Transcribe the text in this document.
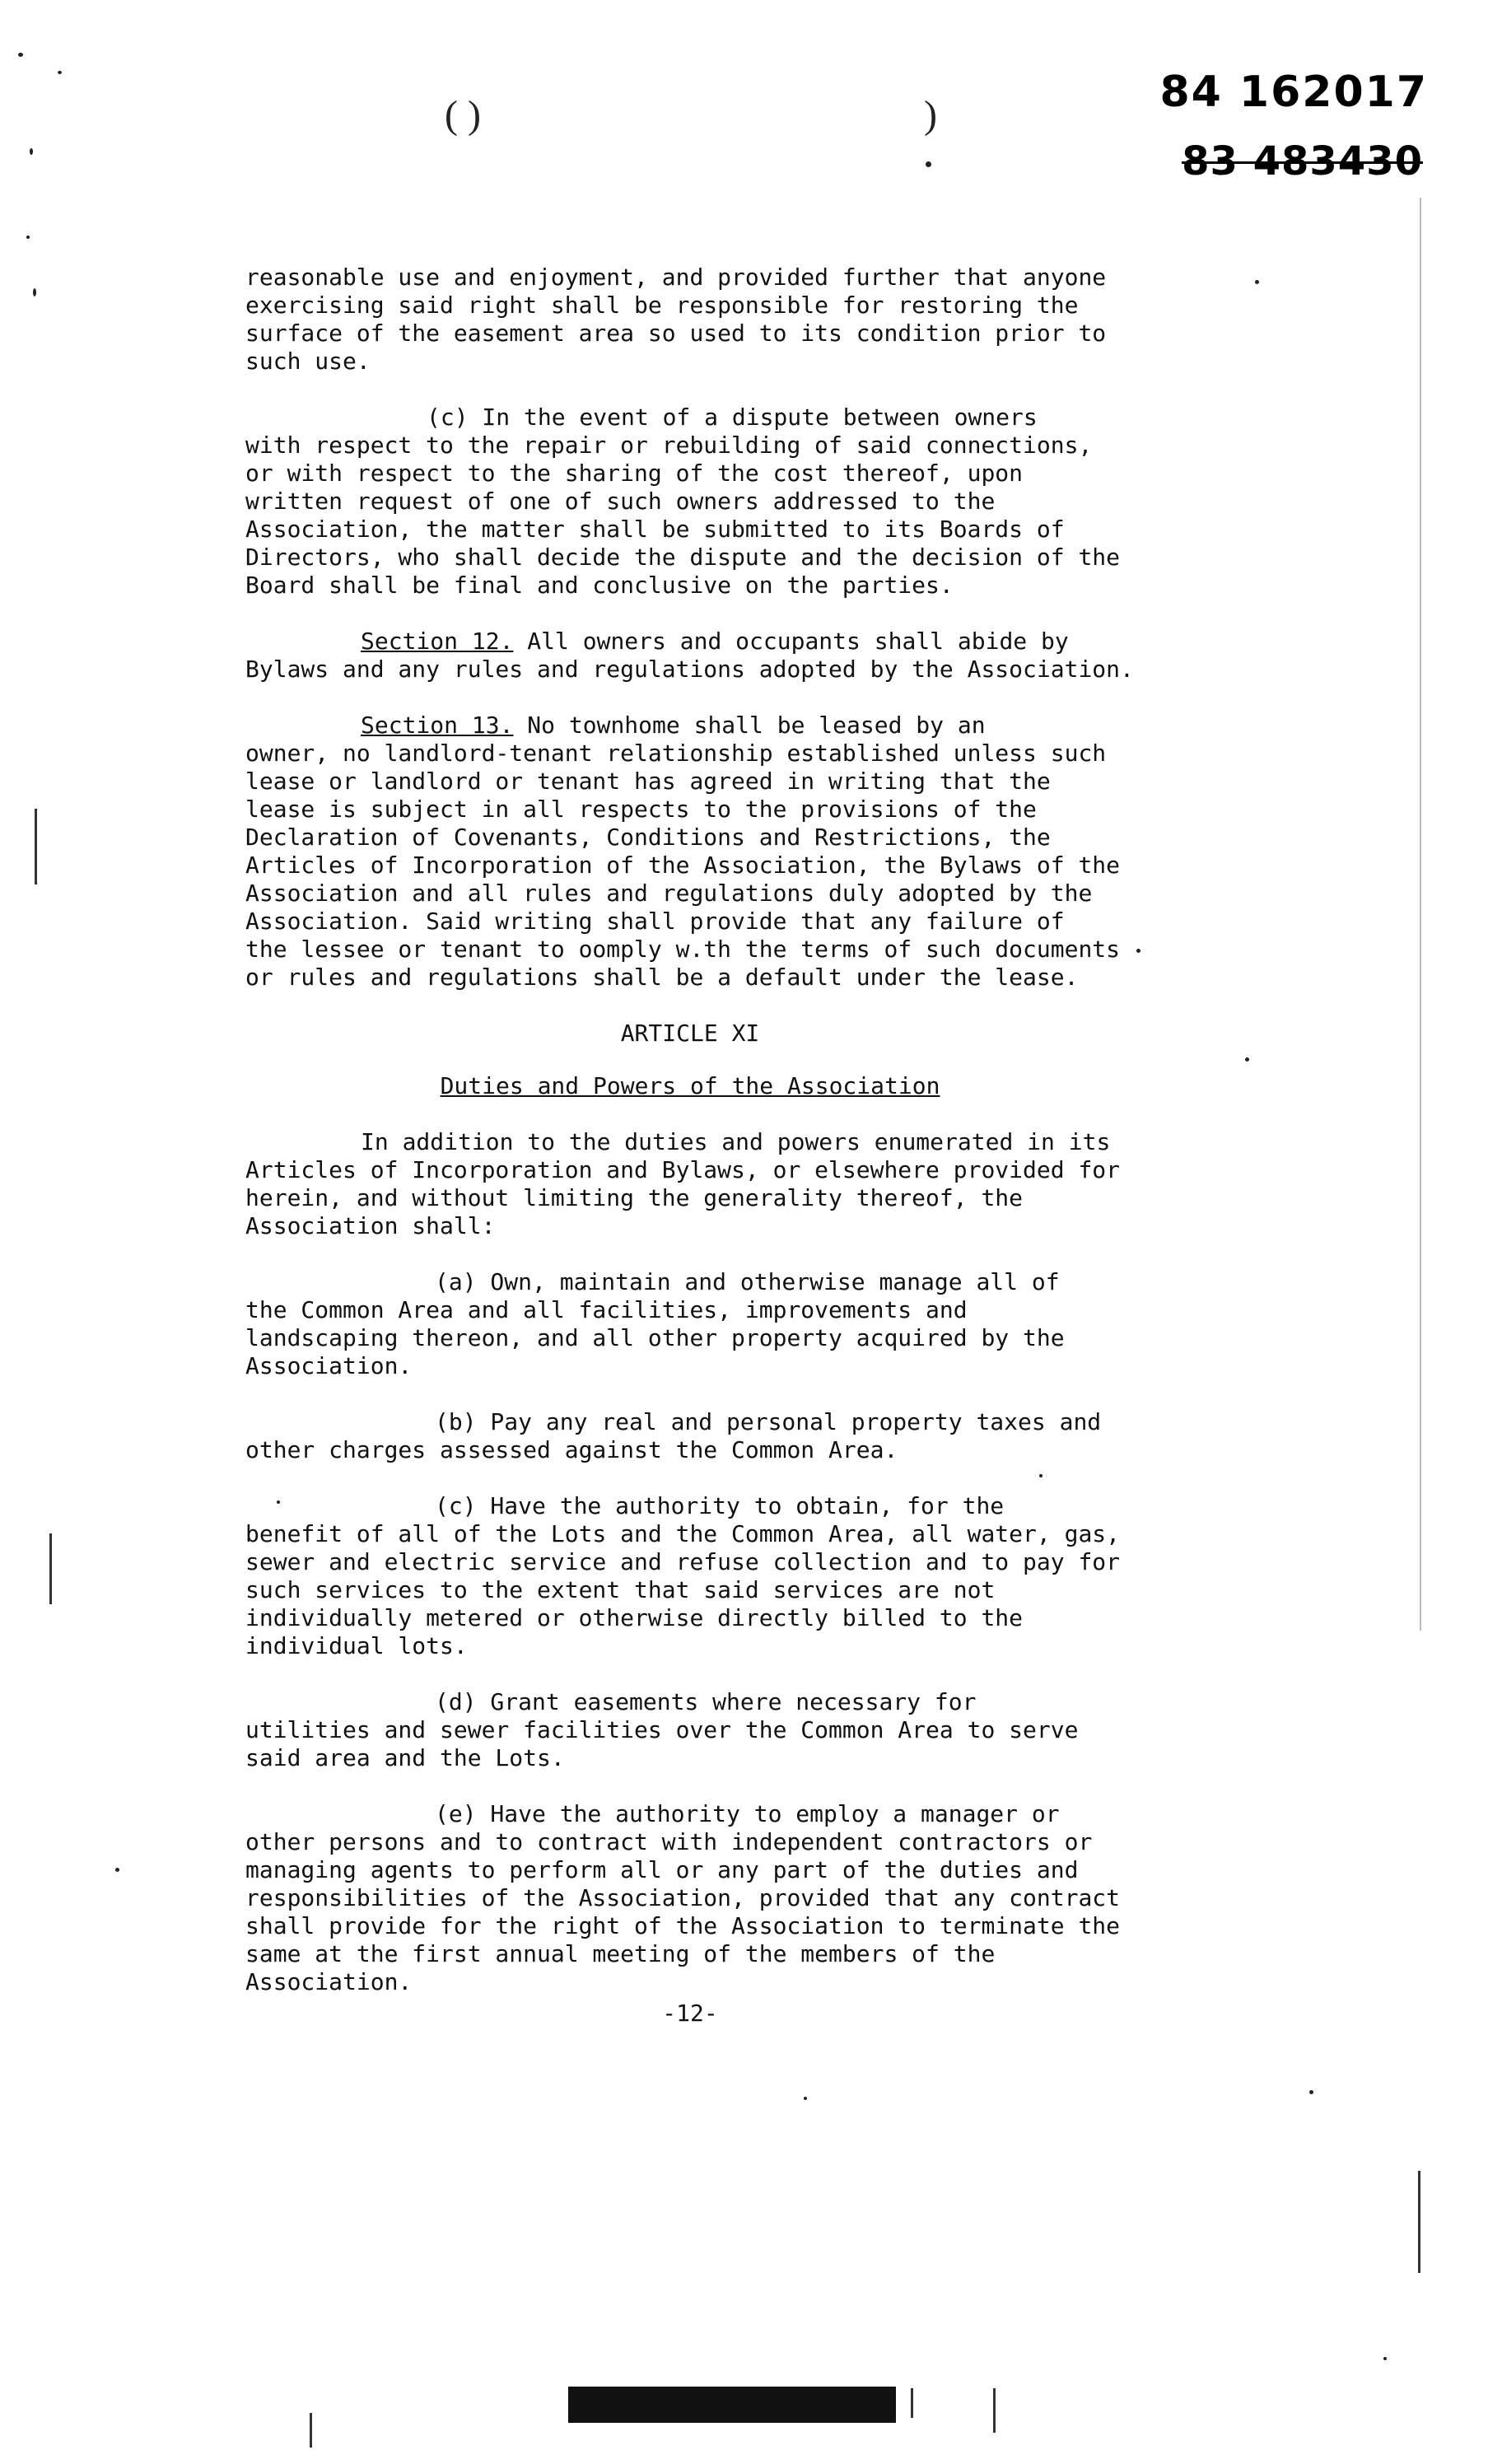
( )	)	84 162017
83 483430

reasonable use and enjoyment, and provided further that anyone
exercising said right shall be responsible for restoring the
surface of the easement area so used to its condition prior to
such use.

(c) In the event of a dispute between owners
with respect to the repair or rebuilding of said connections,
or with respect to the sharing of the cost thereof, upon
written request of one of such owners addressed to the
Association, the matter shall be submitted to its Boards of
Directors, who shall decide the dispute and the decision of the
Board shall be final and conclusive on the parties.

Section 12. All owners and occupants shall abide by
Bylaws and any rules and regulations adopted by the Association.

Section 13. No townhome shall be leased by an
owner, no landlord-tenant relationship established unless such
lease or landlord or tenant has agreed in writing that the
lease is subject in all respects to the provisions of the
Declaration of Covenants, Conditions and Restrictions, the
Articles of Incorporation of the Association, the Bylaws of the
Association and all rules and regulations duly adopted by the
Association. Said writing shall provide that any failure of
the lessee or tenant to oomply w.th the terms of such documents
or rules and regulations shall be a default under the lease.

ARTICLE XI

Duties and Powers of the Association

In addition to the duties and powers enumerated in its
Articles of Incorporation and Bylaws, or elsewhere provided for
herein, and without limiting the generality thereof, the
Association shall:

(a) Own, maintain and otherwise manage all of
the Common Area and all facilities, improvements and
landscaping thereon, and all other property acquired by the
Association.

(b) Pay any real and personal property taxes and
other charges assessed against the Common Area.

(c) Have the authority to obtain, for the
benefit of all of the Lots and the Common Area, all water, gas,
sewer and electric service and refuse collection and to pay for
such services to the extent that said services are not
individually metered or otherwise directly billed to the
individual lots.

(d) Grant easements where necessary for
utilities and sewer facilities over the Common Area to serve
said area and the Lots.

(e) Have the authority to employ a manager or
other persons and to contract with independent contractors or
managing agents to perform all or any part of the duties and
responsibilities of the Association, provided that any contract
shall provide for the right of the Association to terminate the
same at the first annual meeting of the members of the
Association.

-12-
